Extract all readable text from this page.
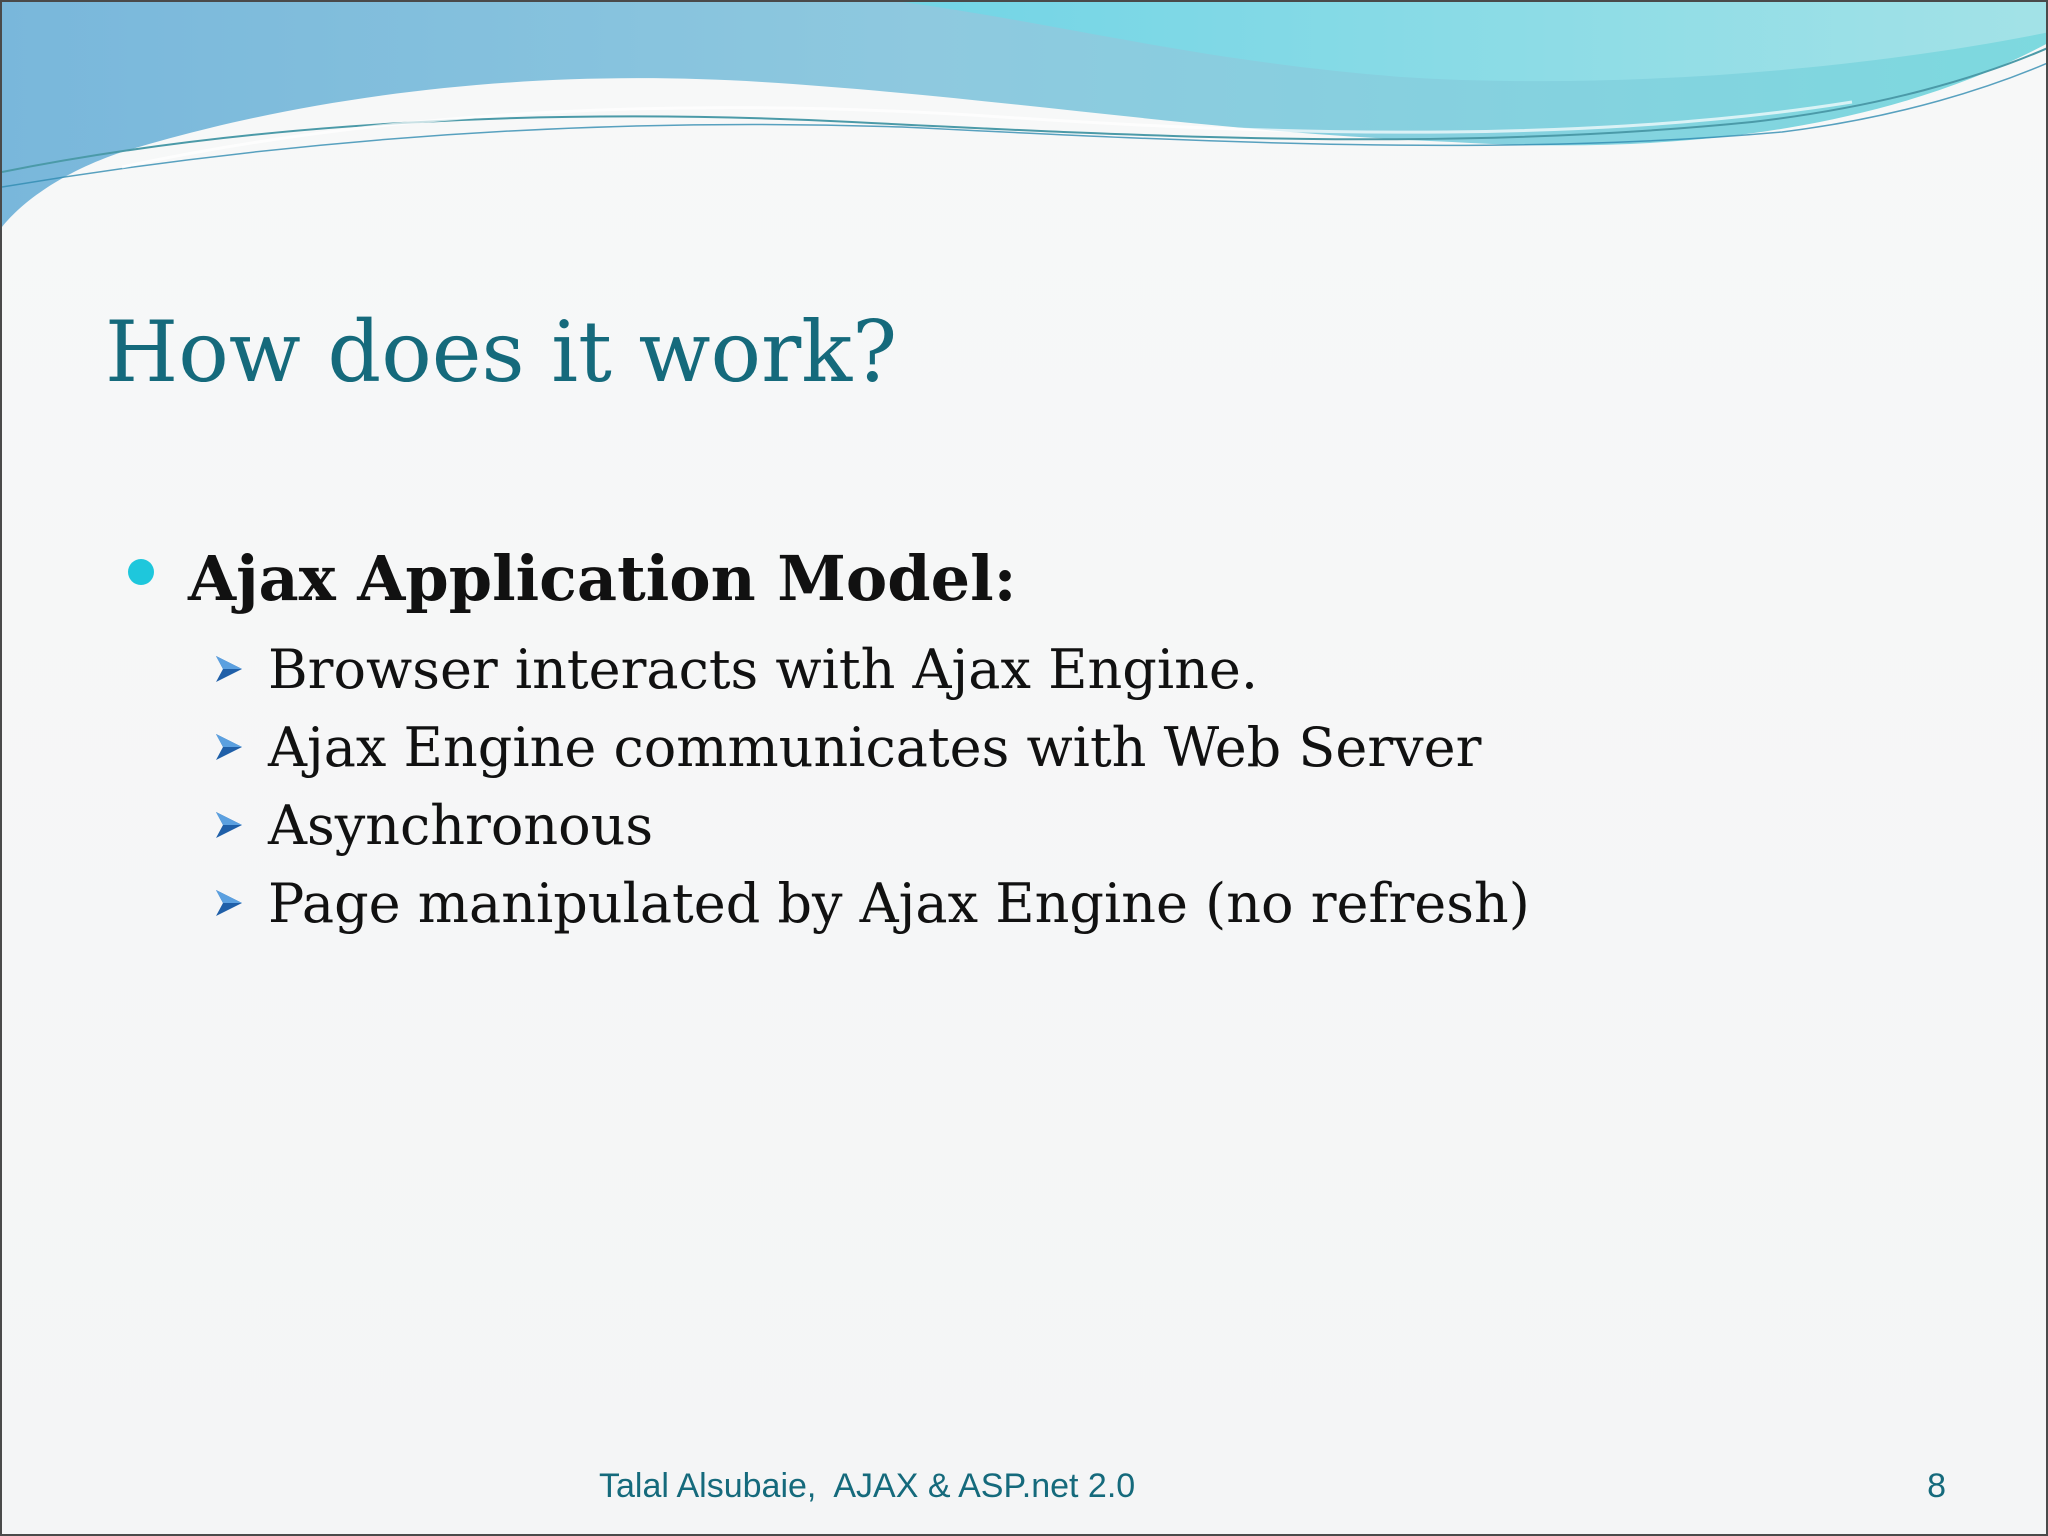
How does it work?
Ajax Application Model:
Browser interacts with Ajax Engine.
Ajax Engine communicates with Web Server
Asynchronous
Page manipulated by Ajax Engine (no refresh)
Talal Alsubaie,  AJAX & ASP.net 2.0	8
